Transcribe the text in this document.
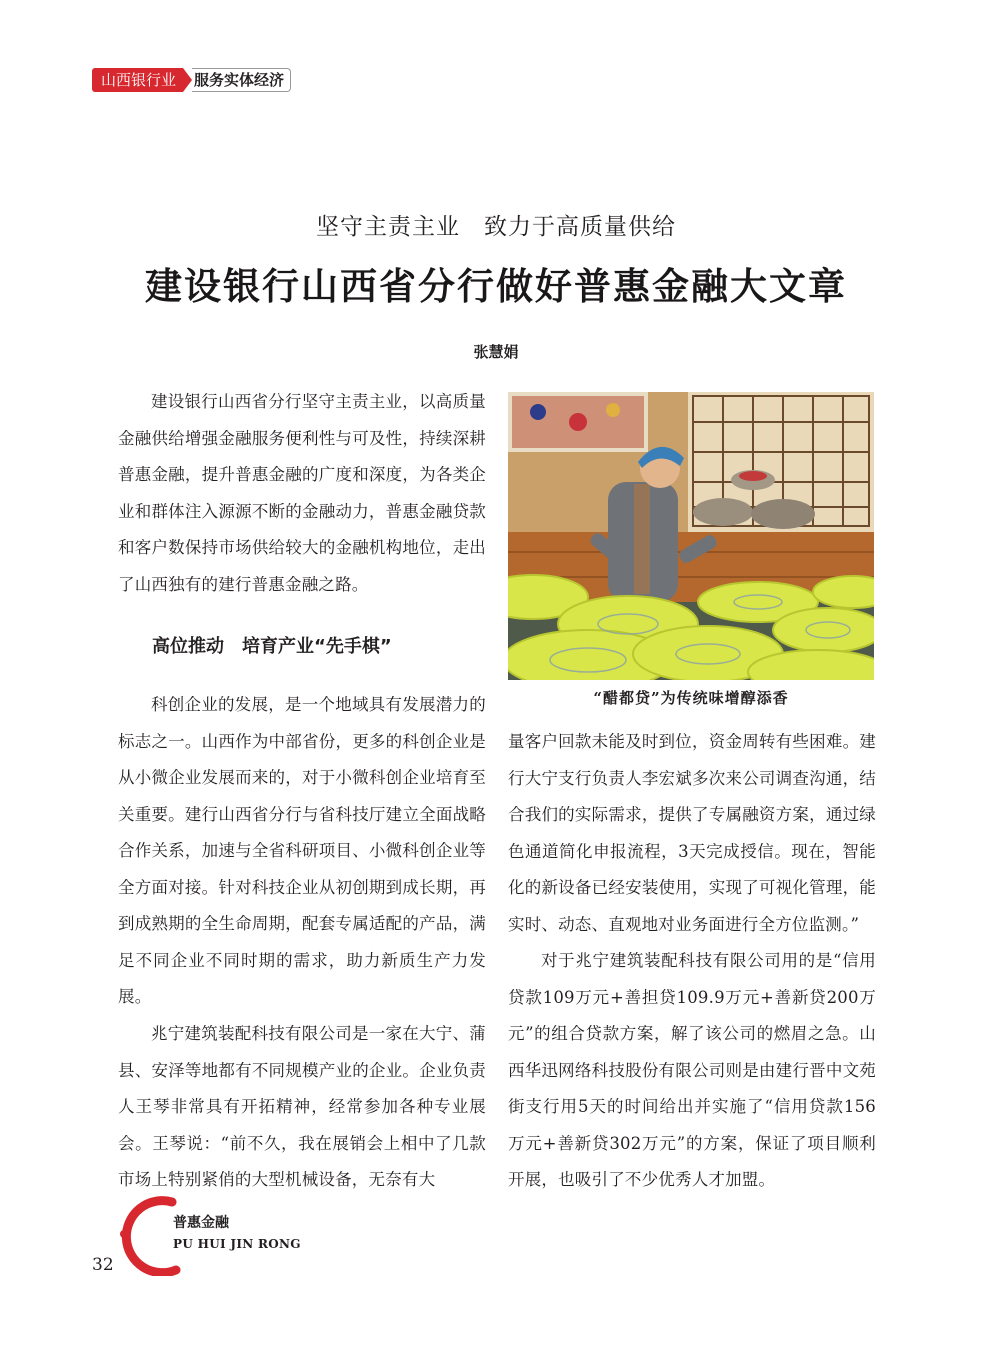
山西银行业	服务实体经济
坚守主责主业　致力于高质量供给
建设银行山西省分行做好普惠金融大文章
张慧娟

建设银行山西省分行坚守主责主业，以高质量金融供给增强金融服务便利性与可及性，持续深耕普惠金融，提升普惠金融的广度和深度，为各类企业和群体注入源源不断的金融动力，普惠金融贷款和客户数保持市场供给较大的金融机构地位，走出了山西独有的建行普惠金融之路。

高位推动　培育产业“先手棋”

科创企业的发展，是一个地域具有发展潜力的标志之一。山西作为中部省份，更多的科创企业是从小微企业发展而来的，对于小微科创企业培育至关重要。建行山西省分行与省科技厅建立全面战略合作关系，加速与全省科研项目、小微科创企业等全方面对接。针对科技企业从初创期到成长期，再到成熟期的全生命周期，配套专属适配的产品，满足不同企业不同时期的需求，助力新质生产力发展。

兆宁建筑装配科技有限公司是一家在大宁、蒲县、安泽等地都有不同规模产业的企业。企业负责人王琴非常具有开拓精神，经常参加各种专业展会。王琴说：“前不久，我在展销会上相中了几款市场上特别紧俏的大型机械设备，无奈有大

“醋都贷”为传统味增醇添香

量客户回款未能及时到位，资金周转有些困难。建行大宁支行负责人李宏斌多次来公司调查沟通，结合我们的实际需求，提供了专属融资方案，通过绿色通道简化申报流程，3天完成授信。现在，智能化的新设备已经安装使用，实现了可视化管理，能实时、动态、直观地对业务面进行全方位监测。”

对于兆宁建筑装配科技有限公司用的是“信用贷款109万元+善担贷109.9万元+善新贷200万元”的组合贷款方案，解了该公司的燃眉之急。山西华迅网络科技股份有限公司则是由建行晋中文苑街支行用5天的时间给出并实施了“信用贷款156万元+善新贷302万元”的方案，保证了项目顺利开展，也吸引了不少优秀人才加盟。

普惠金融
PU HUI JIN RONG
32
